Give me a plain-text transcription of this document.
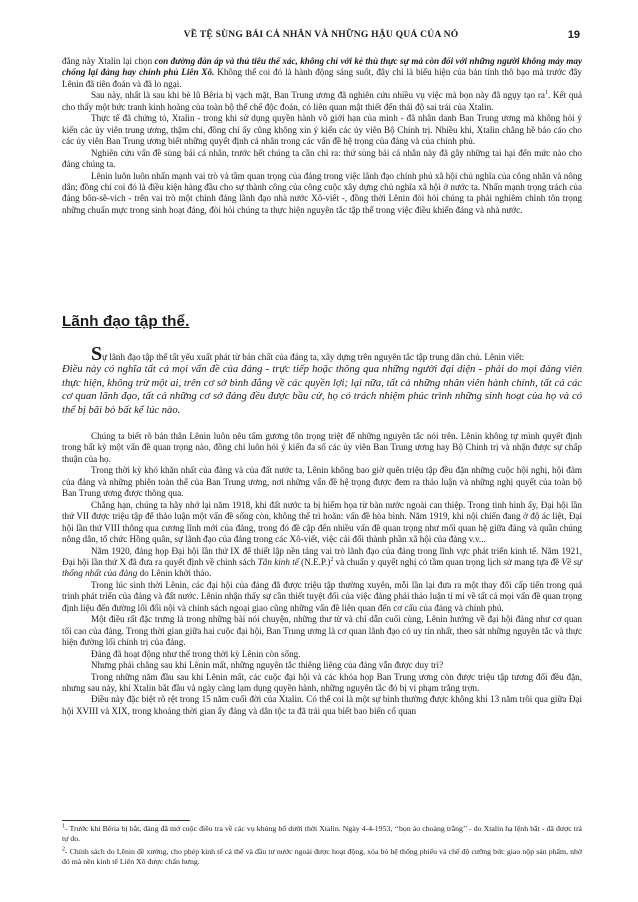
VỀ TỆ SÙNG BÁI CÁ NHÂN VÀ NHỮNG HẬU QUẢ CỦA NÓ	19

đẳng này Xtalin lại chọn con đường đàn áp và thủ tiêu thể xác, không chỉ với kẻ thù thực sự mà còn đối với những người không mảy may chống lại đảng hay chính phủ Liên Xô. Không thể coi đó là hành động sáng suốt, đây chỉ là biểu hiện của bản tính thô bạo mà trước đây Lênin đã tiên đoán và đã lo ngại.

Sau này, nhất là sau khi bè lũ Bêria bị vạch mặt, Ban Trung ương đã nghiên cứu nhiều vụ việc mà bọn này đã ngụy tạo $ra^1$. Kết quả cho thấy một bức tranh kinh hoàng của toàn bộ thể chế độc đoán, có liên quan mật thiết đến thái độ sai trái của Xtalin.

Thực tế đã chứng tỏ, Xtalin - trong khi sử dụng quyền hành vô giới hạn của mình - đã nhân danh Ban Trung ương mà không hỏi ý kiến các ủy viên trung ương, thậm chí, đồng chí ấy cũng không xin ý kiến các ủy viên Bộ Chính trị. Nhiều khi, Xtalin chẳng hề báo cáo cho các ủy viên Ban Trung ương biết những quyết định cá nhân trong các vấn đề hệ trọng của đảng và của chính phủ.

Nghiên cứu vấn đề sùng bái cá nhân, trước hết chúng ta cần chỉ ra: thứ sùng bái cá nhân này đã gây những tai hại đến mức nào cho đảng chúng ta.

Lênin luôn luôn nhấn mạnh vai trò và tầm quan trọng của đảng trong việc lãnh đạo chính phủ xã hội chủ nghĩa của công nhân và nông dân; đồng chí coi đó là điều kiện hàng đầu cho sự thành công của công cuộc xây dựng chủ nghĩa xã hội ở nước ta. Nhấn mạnh trọng trách của đảng bôn-sê-vich - trên vai trò một chính đảng lãnh đạo nhà nước Xô-viết -, đồng thời Lênin đòi hỏi chúng ta phải nghiêm chỉnh tôn trọng những chuẩn mực trong sinh hoạt đảng, đòi hỏi chúng ta thực hiện nguyên tắc tập thể trong việc điều khiển đảng và nhà nước.

Lãnh đạo tập thể.

Sự lãnh đạo tập thể tất yếu xuất phát từ bản chất của đảng ta, xây dựng trên nguyên tắc tập trung dân chủ. Lênin viết:

Điều này có nghĩa tất cả mọi vấn đề của đảng - trực tiếp hoặc thông qua những người đại diện - phải do mọi đảng viên thực hiện, không trừ một ai, trên cơ sở bình đẳng về các quyền lợi; lại nữa, tất cả những nhân viên hành chính, tất cả các cơ quan lãnh đạo, tất cả những cơ sở đảng đều được bầu cử, họ có trách nhiệm phúc trình những sinh hoạt của họ và có thể bị bãi bỏ bất kể lúc nào.

Chúng ta biết rõ bản thân Lênin luôn nêu tấm gương tôn trọng triệt để những nguyên tắc nói trên. Lênin không tự mình quyết định trong bất kỳ một vấn đề quan trọng nào, đồng chí luôn hỏi ý kiến đa số các ủy viên Ban Trung ương hay Bộ Chính trị và nhận được sự chấp thuận của họ.

Trong thời kỳ khó khăn nhất của đảng và của đất nước ta, Lênin không bao giờ quên triệu tập đều đặn những cuộc hội nghị, hội đàm của đảng và những phiên toàn thể của Ban Trung ương, nơi những vấn đề hệ trọng được đem ra thảo luận và những nghị quyết của toàn bộ Ban Trung ương được thông qua.

Chẳng hạn, chúng ta hãy nhớ lại năm 1918, khi đất nước ta bị hiểm họa từ bàn nước ngoài can thiệp. Trong tình hình ấy, Đại hội lần thứ VII được triệu tập để thảo luận một vấn đề sống còn, không thể trì hoãn: vấn đề hòa bình. Năm 1919, khi nội chiến đang ở độ ác liệt, Đại hội lần thứ VIII thông qua cương lĩnh mới của đảng, trong đó đề cập đến nhiều vấn đề quan trọng như mối quan hệ giữa đảng và quần chúng nông dân, tổ chức Hồng quân, sự lãnh đạo của đảng trong các Xô-viết, việc cải đổi thành phần xã hội của đảng v.v...

Năm 1920, đảng họp Đại hội lần thứ IX để thiết lập nền tảng vai trò lãnh đạo của đảng trong lĩnh vực phát triển kinh tế. Năm 1921, Đại hội lần thứ X đã đưa ra quyết định về chính sách Tân kinh tế $(N.E.P.)^2$ và chuẩn y quyết nghị có tầm quan trọng lịch sử mang tựa đề Về sự thống nhất của đảng do Lênin khởi thảo.

Trong lúc sinh thời Lênin, các đại hội của đảng đã được triệu tập thường xuyên, mỗi lần lại đưa ra một thay đổi cấp tiến trong quá trình phát triển của đảng và đất nước. Lênin nhận thấy sự cần thiết tuyệt đối của việc đảng phải thảo luận tỉ mỉ về tất cả mọi vấn đề quan trọng định liệu đến đường lối đối nội và chính sách ngoại giao cũng những vấn đề liên quan đến cơ cấu của đảng và chính phủ.

Một điều rất đặc trưng là trong những bài nói chuyện, những thư từ và chỉ dẫn cuối cùng, Lênin hướng về đại hội đảng như cơ quan tối cao của đảng. Trong thời gian giữa hai cuộc đại hội, Ban Trung ương là cơ quan lãnh đạo có uy tín nhất, theo sát những nguyên tắc và thực hiện đường lối chính trị của đảng.

Đảng đã hoạt động như thế trong thời kỳ Lênin còn sống.

Nhưng phải chăng sau khi Lênin mất, những nguyên tắc thiêng liêng của đảng vẫn được duy trì?

Trong những năm đầu sau khi Lênin mất, các cuộc đại hội và các khóa họp Ban Trung ương còn được triệu tập tương đối đều đặn, nhưng sau này, khi Xtalin bắt đầu và ngày càng lạm dụng quyền hành, những nguyên tắc đó bị vi phạm trắng trợn.

Điều này đặc biệt rõ rệt trong 15 năm cuối đời của Xtalin. Có thể coi là một sự bình thường được không khi 13 năm trôi qua giữa Đại hội XVIII và XIX, trong khoảng thời gian ấy đảng và dân tộc ta đã trải qua biết bao biến cố quan

$^1$- Trước khi Bêria bị bắt, đảng đã mở cuộc điều tra về các vụ khủng bố dưới thời Xtalin. Ngày 4-4-1953, ‘‘bọn áo choàng trắng’’ - do Xtalin hạ lệnh bắt - đã được trả tự do.
$^2$- Chính sách do Lênin đề xướng, cho phép kinh tế cá thể và đầu tư nước ngoài được hoạt động, xóa bỏ hệ thống phiếu và chế độ cưỡng bức giao nộp sản phẩm, nhờ đó mà nền kinh tế Liên Xô được chấn hưng.
